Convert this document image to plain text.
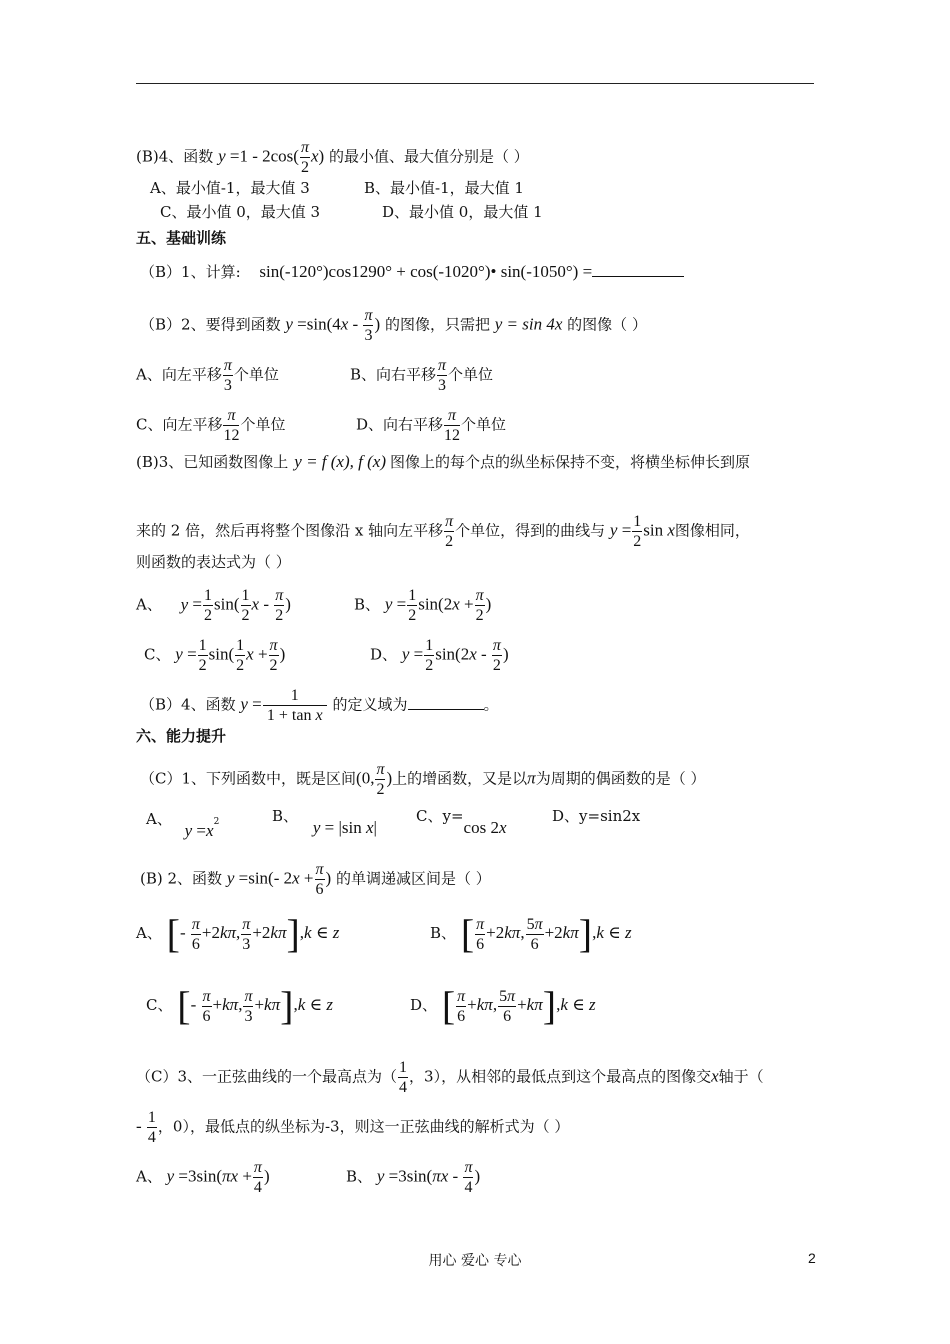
(B)4、函数 $y =1 - 2\cos( \frac{\pi}{2} x)$ 的最小值、最大值分别是（ ）
A、最小值-1，最大值 3	B、最小值-1，最大值 1
C、最小值 0，最大值 3	D、最小值 0，最大值 1
五、基础训练
（B）1、计算: sin(-120°)cos1290° + cos(-1020°)• sin(-1050°) =
（B）2、要得到函数 $y =\sin(4x - \frac{\pi}{3}$ ) 的图像，只需把 y = sin 4x 的图像（ ）
A、向左平移 $\frac{\pi}{3}$ 个单位	B、向右平移 $\frac{\pi}{3}$ 个单位
C、向左平移 $\frac{\pi}{12}$ 个单位	D、向右平移 $\frac{\pi}{12}$ 个单位
(B)3、已知函数图像上 y = f (x), f (x) 图像上的每个点的纵坐标保持不变，将横坐标伸长到原
来的 2 倍，然后再将整个图像沿 x 轴向左平移 $\frac{\pi}{2}$ 个单位，得到的曲线与 $y = \frac{1}{2}$ sin x图像相同，
则函数的表达式为（ ）
A、 $y = \frac{1}{2} \sin( \frac{1}{2}$ x - $\frac{\pi}{2}$ )	B、 $y = \frac{1}{2} \sin(2x + \frac{\pi}{2}$ )
C、 $y = \frac{1}{2} \sin( \frac{1}{2}$ $x + \frac{\pi}{2}$ )	D、 $y = \frac{1}{2} \sin(2x - \frac{\pi}{2}$ )
（B）4、函数 $y = \frac{1}{\text{1 + tan x}}$ 的定义域为	。
六、能力提升
（C）1、下列函数中，既是区间(0, $\frac{\pi}{2}$ )上的增函数，又是以π为周期的偶函数的是（ ）
A、 $y =x^2$	B、 y = |sin x|
C、y=cos 2x
D、y=sin2x
(B) 2、函数 y =sin(- $2x + \frac{\pi}{6}$ ) 的单调递减区间是（ ）
A、 [- $\frac{\pi}{6} +2k\pi$, $\frac{\pi}{3} +2k\pi],k$ ∈ z	B、 [ $\frac{\pi}{6} +2k\pi$, $\frac{5\pi}{6} +2k\pi],k$ ∈ z
C、 [- $\frac{\pi}{6} +k\pi$, $\frac{\pi}{3} +k\pi],k$ ∈ z	D、 [ $\frac{\pi}{6} +k\pi$, $\frac{5\pi}{6} +k\pi],k$ ∈ z
（C）3、一正弦曲线的一个最高点为（ $\frac{1}{4}$ ，3），从相邻的最低点到这个最高点的图像交x轴于（
- $\frac{1}{4}$ ，0），最低点的纵坐标为-3，则这一正弦曲线的解析式为（ ）
A、 $y =3\sin(\pi x + \frac{\pi}{4}$ )	B、 $y =3\sin(\pi x - \frac{\pi}{4}$ )
用心 爱心 专心	2
